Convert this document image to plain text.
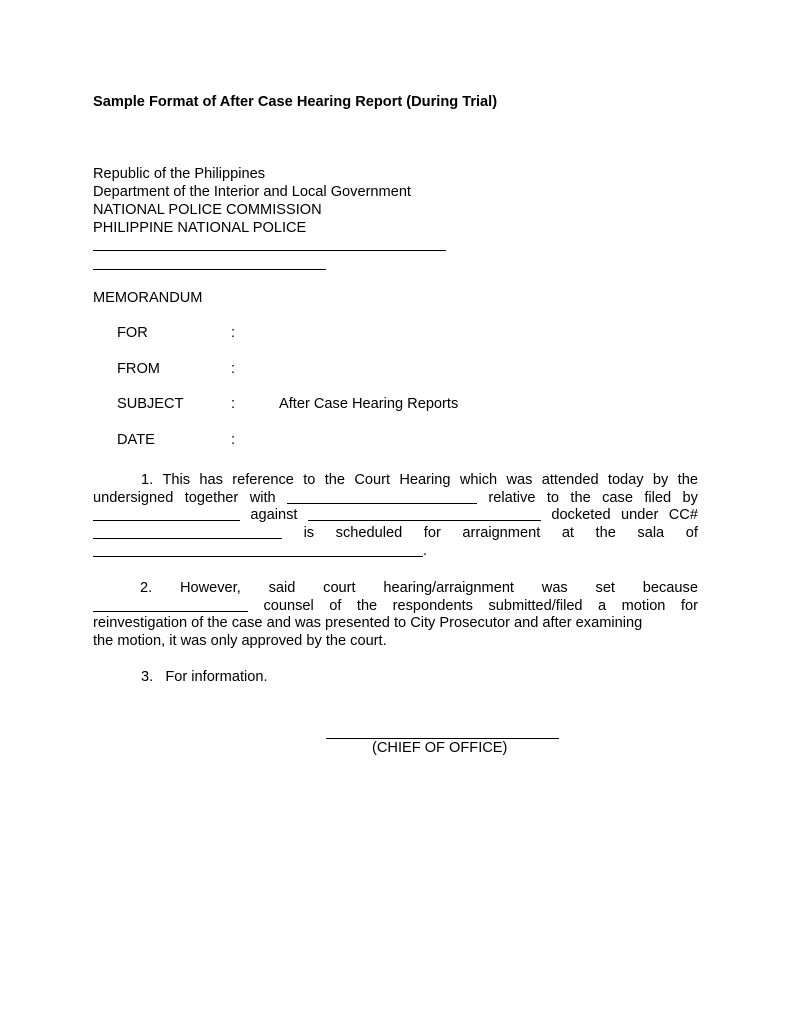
Sample Format of After Case Hearing Report (During Trial)
Republic of the Philippines
Department of the Interior and Local Government
NATIONAL POLICE COMMISSION
PHILIPPINE NATIONAL POLICE
MEMORANDUM
FOR	:
FROM	:
SUBJECT	:	After Case Hearing Reports
DATE	:
1. This has reference to the Court Hearing which was attended today by the
undersigned together with	relative to the case filed by
against	docketed under CC#
is scheduled for arraignment at the sala of
.
2. However, said court hearing/arraignment was set because
counsel of the respondents submitted/filed a motion for
reinvestigation of the case and was presented to City Prosecutor and after examining
the motion, it was only approved by the court.
3.   For information.
(CHIEF OF OFFICE)
